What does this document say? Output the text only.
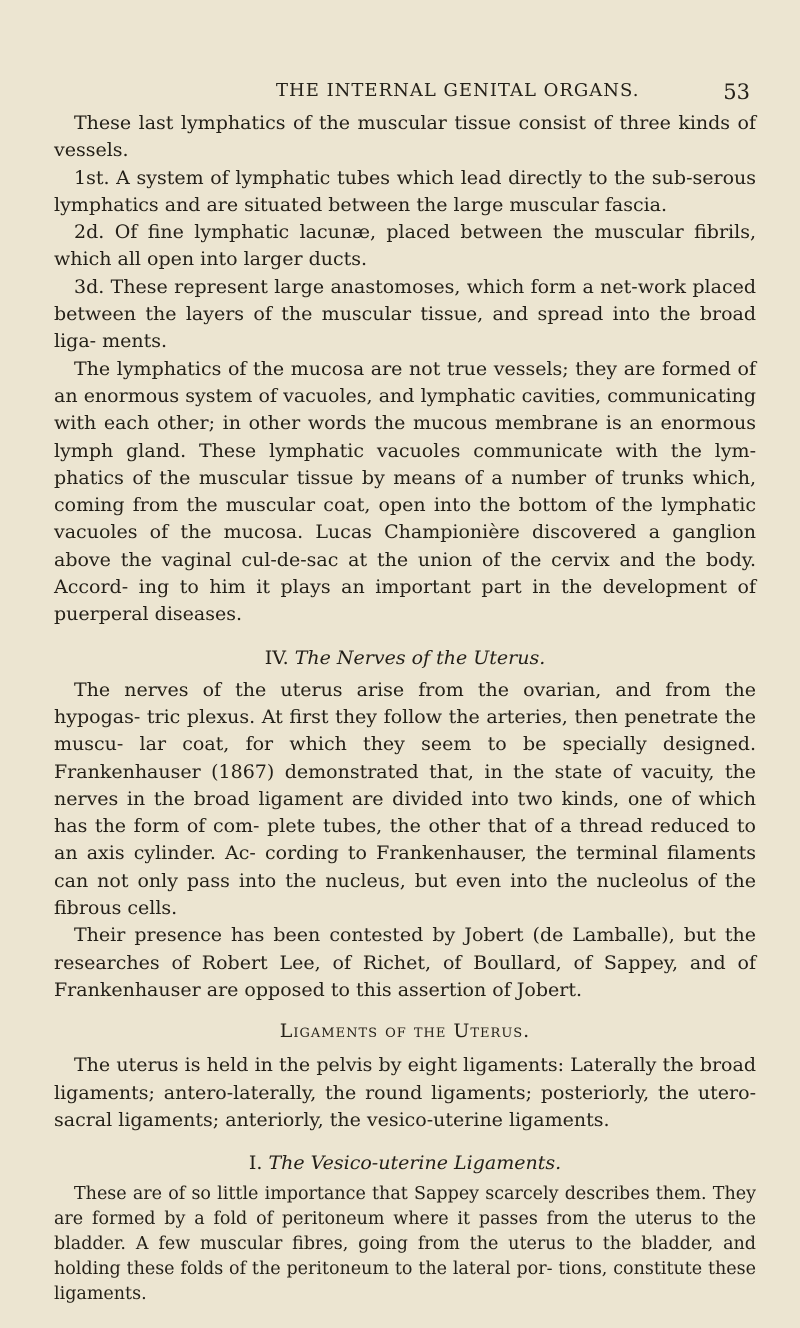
THE INTERNAL GENITAL ORGANS.	53

These last lymphatics of the muscular tissue consist of three kinds of vessels.

1st. A system of lymphatic tubes which lead directly to the sub-serous lymphatics and are situated between the large muscular fascia.

2d. Of fine lymphatic lacunæ, placed between the muscular fibrils, which all open into larger ducts.

3d. These represent large anastomoses, which form a net-work placed between the layers of the muscular tissue, and spread into the broad liga- ments.

The lymphatics of the mucosa are not true vessels; they are formed of an enormous system of vacuoles, and lymphatic cavities, communicating with each other; in other words the mucous membrane is an enormous lymph gland. These lymphatic vacuoles communicate with the lym- phatics of the muscular tissue by means of a number of trunks which, coming from the muscular coat, open into the bottom of the lymphatic vacuoles of the mucosa. Lucas Championière discovered a ganglion above the vaginal cul-de-sac at the union of the cervix and the body. Accord- ing to him it plays an important part in the development of puerperal diseases.

IV. The Nerves of the Uterus.

The nerves of the uterus arise from the ovarian, and from the hypogas- tric plexus. At first they follow the arteries, then penetrate the muscu- lar coat, for which they seem to be specially designed. Frankenhauser (1867) demonstrated that, in the state of vacuity, the nerves in the broad ligament are divided into two kinds, one of which has the form of com- plete tubes, the other that of a thread reduced to an axis cylinder. Ac- cording to Frankenhauser, the terminal filaments can not only pass into the nucleus, but even into the nucleolus of the fibrous cells.

Their presence has been contested by Jobert (de Lamballe), but the researches of Robert Lee, of Richet, of Boullard, of Sappey, and of Frankenhauser are opposed to this assertion of Jobert.

Ligaments of the Uterus.

The uterus is held in the pelvis by eight ligaments: Laterally the broad ligaments; antero-laterally, the round ligaments; posteriorly, the utero- sacral ligaments; anteriorly, the vesico-uterine ligaments.

I. The Vesico-uterine Ligaments.

These are of so little importance that Sappey scarcely describes them. They are formed by a fold of peritoneum where it passes from the uterus to the bladder. A few muscular fibres, going from the uterus to the bladder, and holding these folds of the peritoneum to the lateral por- tions, constitute these ligaments.
